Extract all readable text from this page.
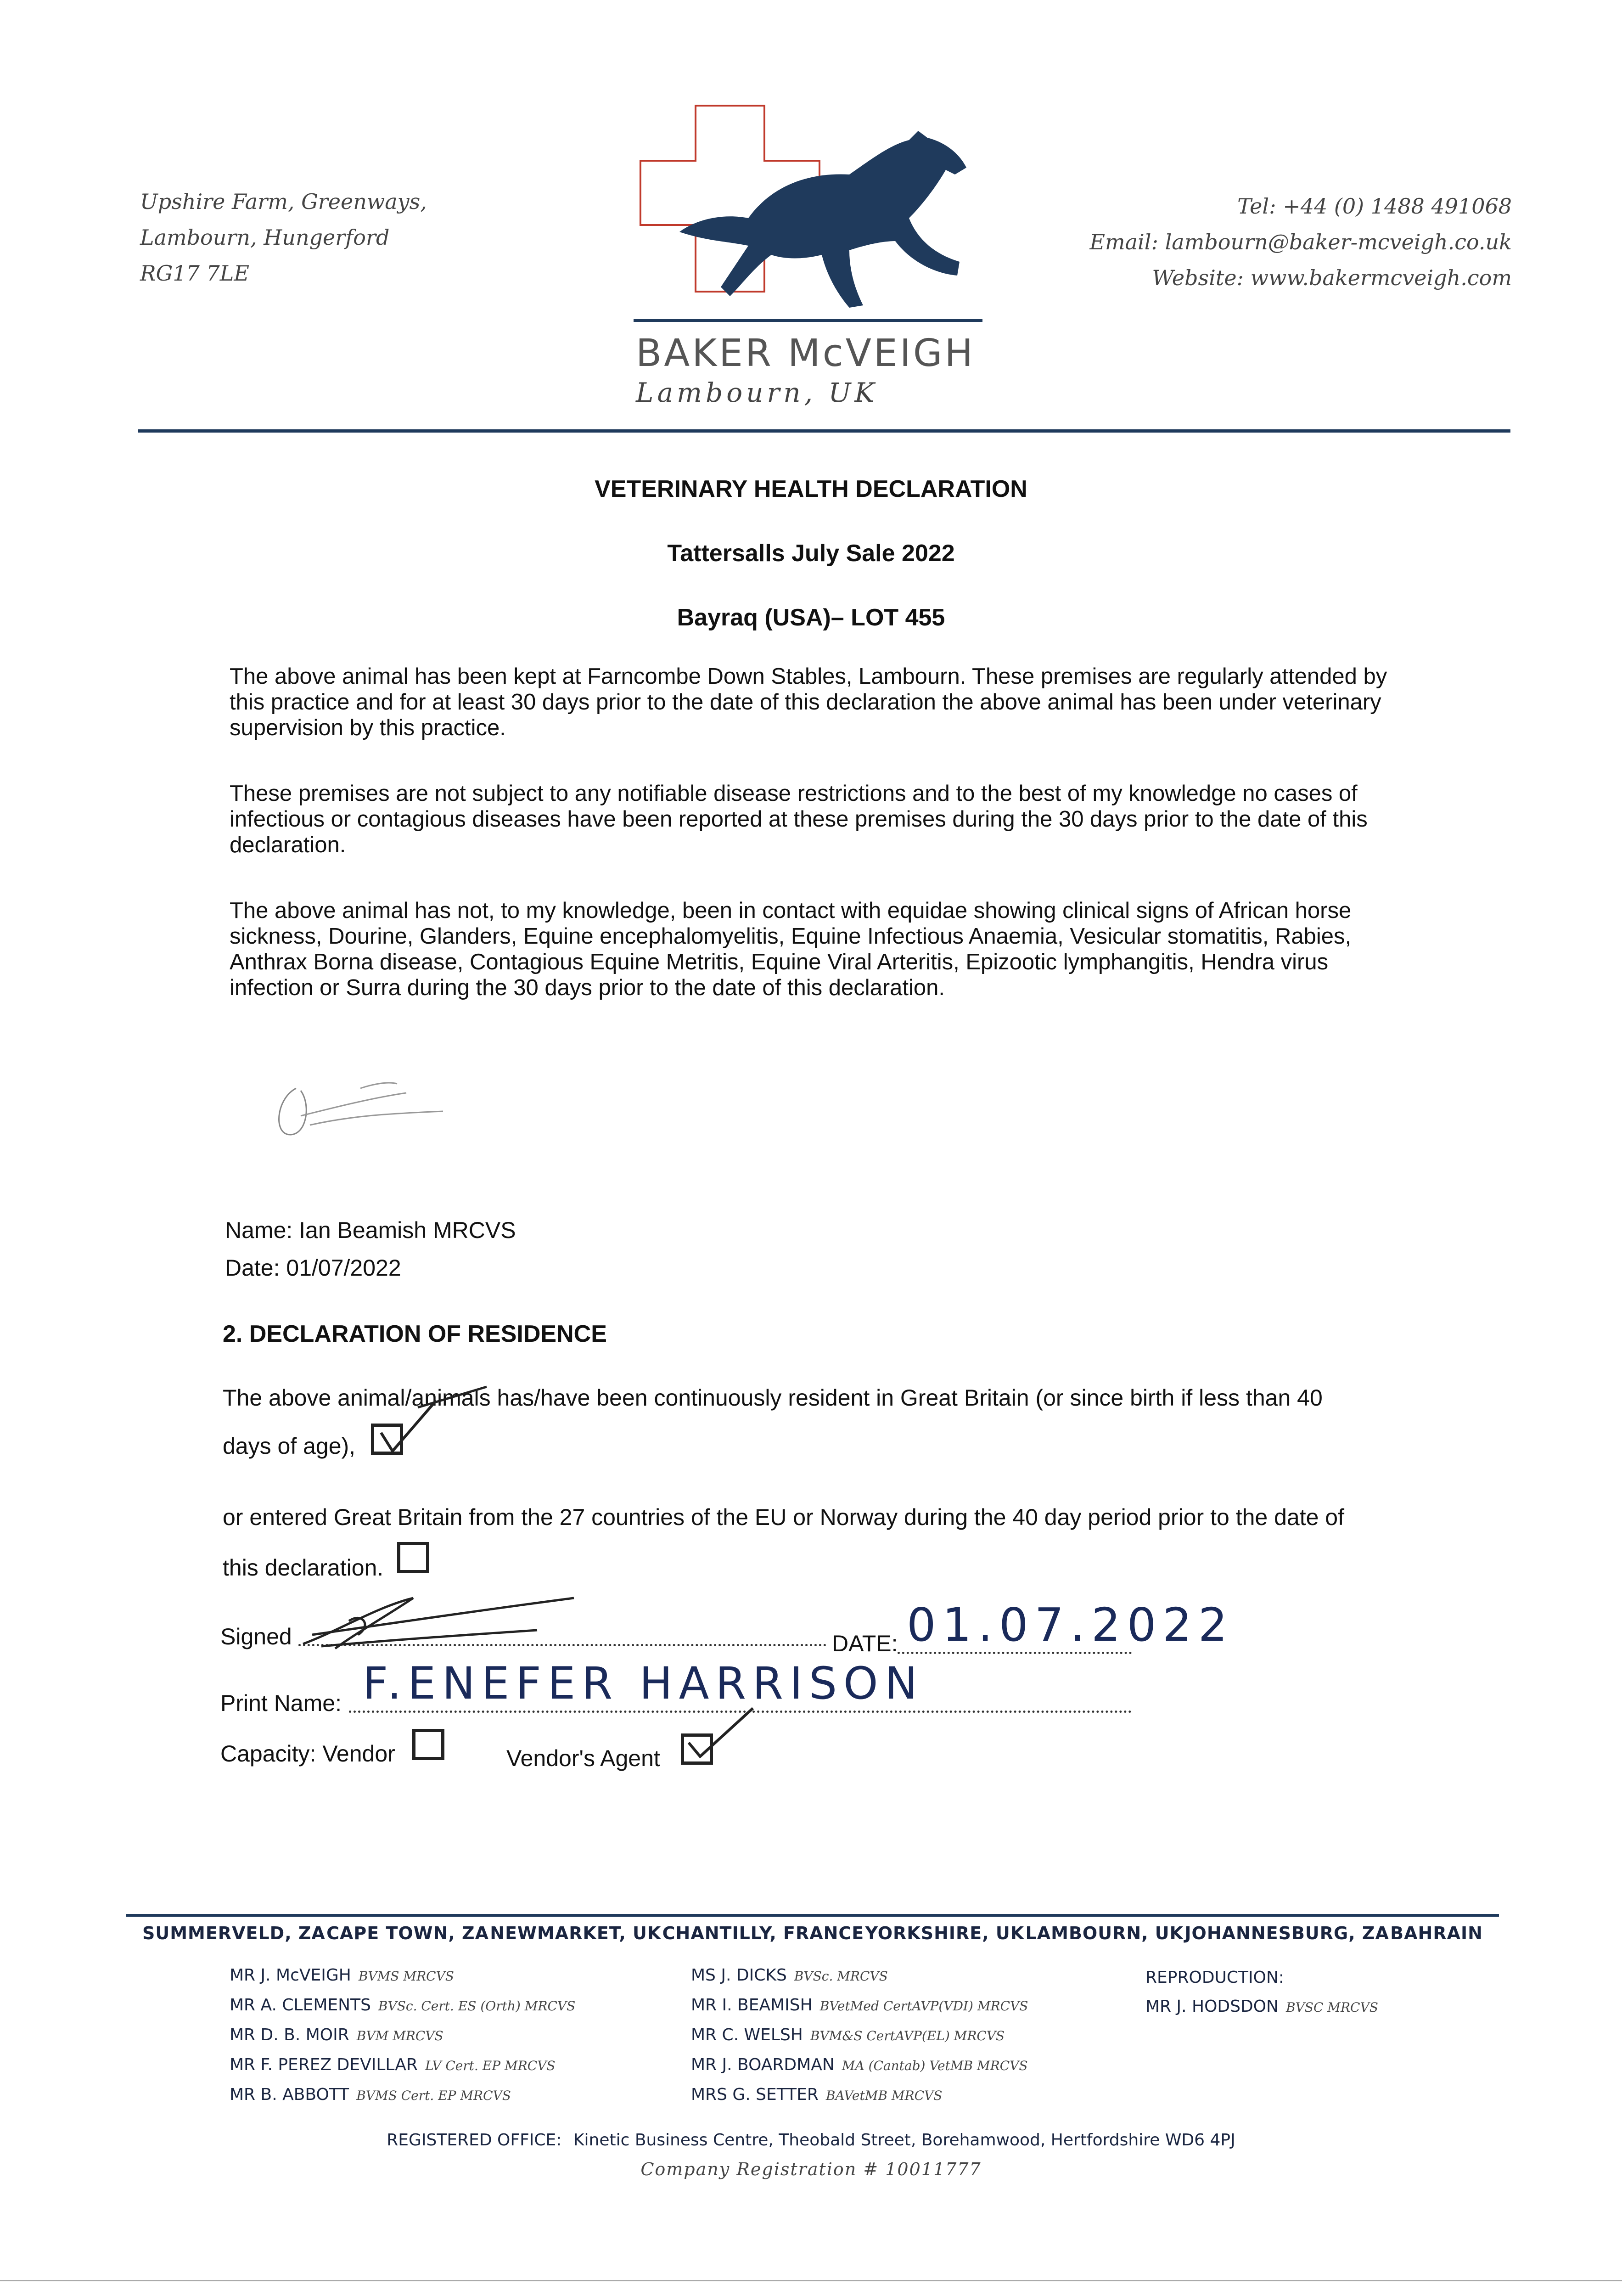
Upshire Farm, Greenways,
Lambourn, Hungerford
RG17 7LE
BAKER McVEIGH
Lambourn, UK
Tel: +44 (0) 1488 491068
Email: lambourn@baker-mcveigh.co.uk
Website: www.bakermcveigh.com
VETERINARY HEALTH DECLARATION
Tattersalls July Sale 2022
Bayraq (USA)– LOT 455
The above animal has been kept at Farncombe Down Stables, Lambourn. These premises are regularly attended by this practice and for at least 30 days prior to the date of this declaration the above animal has been under veterinary supervision by this practice.
These premises are not subject to any notifiable disease restrictions and to the best of my knowledge no cases of infectious or contagious diseases have been reported at these premises during the 30 days prior to the date of this declaration.
The above animal has not, to my knowledge, been in contact with equidae showing clinical signs of African horse sickness, Dourine, Glanders, Equine encephalomyelitis, Equine Infectious Anaemia, Vesicular stomatitis, Rabies, Anthrax Borna disease, Contagious Equine Metritis, Equine Viral Arteritis, Epizootic lymphangitis, Hendra virus infection or Surra during the 30 days prior to the date of this declaration.
Name: Ian Beamish MRCVS
Date: 01/07/2022
2. DECLARATION OF RESIDENCE
The above animal/animals has/have been continuously resident in Great Britain (or since birth if less than 40
days of age),
or entered Great Britain from the 27 countries of the EU or Norway during the 40 day period prior to the date of
this declaration.
Signed	DATE: 01.07.2022
Print Name: F.ENEFER HARRISON
Capacity: Vendor	Vendor's Agent
SUMMERVELD, ZA CAPE TOWN, ZA NEWMARKET, UK CHANTILLY, FRANCE YORKSHIRE, UK LAMBOURN, UK JOHANNESBURG, ZA BAHRAIN
MR J. McVEIGH BVMS MRCVS
MR A. CLEMENTS BVSc. Cert. ES (Orth) MRCVS
MR D. B. MOIR BVM MRCVS
MR F. PEREZ DEVILLAR LV Cert. EP MRCVS
MR B. ABBOTT BVMS Cert. EP MRCVS
MS J. DICKS BVSc. MRCVS
MR I. BEAMISH BVetMed CertAVP(VDI) MRCVS
MR C. WELSH BVM&S CertAVP(EL) MRCVS
MR J. BOARDMAN MA (Cantab) VetMB MRCVS
MRS G. SETTER BAVetMB MRCVS
REPRODUCTION:
MR J. HODSDON BVSC MRCVS
REGISTERED OFFICE: Kinetic Business Centre, Theobald Street, Borehamwood, Hertfordshire WD6 4PJ
Company Registration # 10011777
